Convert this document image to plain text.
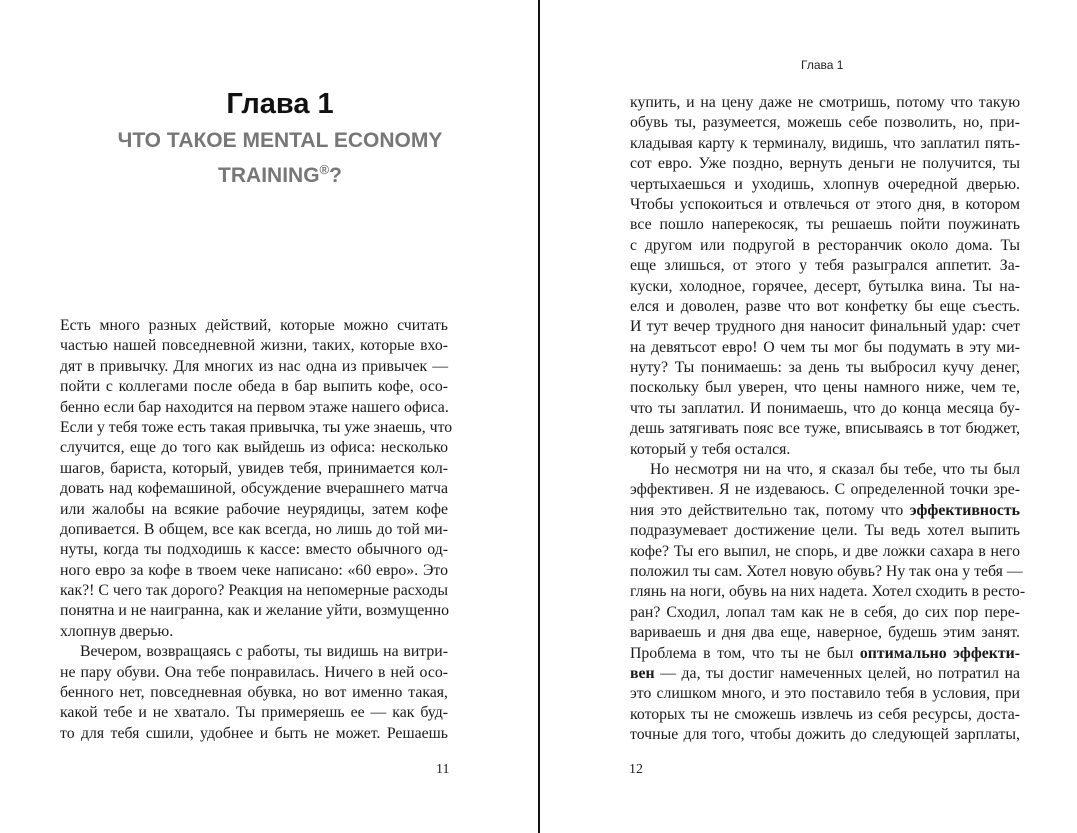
Глава 1
ЧТО ТАКОЕ MENTAL ECONOMY
TRAINING®?
Есть много разных действий, которые можно считать
частью нашей повседневной жизни, таких, которые вхо-
дят в привычку. Для многих из нас одна из привычек —
пойти с коллегами после обеда в бар выпить кофе, осо-
бенно если бар находится на первом этаже нашего офиса.
Если у тебя тоже есть такая привычка, ты уже знаешь, что
случится, еще до того как выйдешь из офиса: несколько
шагов, бариста, который, увидев тебя, принимается кол-
довать над кофемашиной, обсуждение вчерашнего матча
или жалобы на всякие рабочие неурядицы, затем кофе
допивается. В общем, все как всегда, но лишь до той ми-
нуты, когда ты подходишь к кассе: вместо обычного од-
ного евро за кофе в твоем чеке написано: «60 евро». Это
как?! С чего так дорого? Реакция на непомерные расходы
понятна и не наигранна, как и желание уйти, возмущенно
хлопнув дверью.
Вечером, возвращаясь с работы, ты видишь на витри-
не пару обуви. Она тебе понравилась. Ничего в ней осо-
бенного нет, повседневная обувка, но вот именно такая,
какой тебе и не хватало. Ты примеряешь ее — как буд-
то для тебя сшили, удобнее и быть не может. Решаешь
11
Глава 1
купить, и на цену даже не смотришь, потому что такую
обувь ты, разумеется, можешь себе позволить, но, при-
кладывая карту к терминалу, видишь, что заплатил пять-
сот евро. Уже поздно, вернуть деньги не получится, ты
чертыхаешься и уходишь, хлопнув очередной дверью.
Чтобы успокоиться и отвлечься от этого дня, в котором
все пошло наперекосяк, ты решаешь пойти поужинать
с другом или подругой в ресторанчик около дома. Ты
еще злишься, от этого у тебя разыгрался аппетит. За-
куски, холодное, горячее, десерт, бутылка вина. Ты на-
елся и доволен, разве что вот конфетку бы еще съесть.
И тут вечер трудного дня наносит финальный удар: счет
на девятьсот евро! О чем ты мог бы подумать в эту ми-
нуту? Ты понимаешь: за день ты выбросил кучу денег,
поскольку был уверен, что цены намного ниже, чем те,
что ты заплатил. И понимаешь, что до конца месяца бу-
дешь затягивать пояс все туже, вписываясь в тот бюджет,
который у тебя остался.
Но несмотря ни на что, я сказал бы тебе, что ты был
эффективен. Я не издеваюсь. С определенной точки зре-
ния это действительно так, потому что эффективность
подразумевает достижение цели. Ты ведь хотел выпить
кофе? Ты его выпил, не спорь, и две ложки сахара в него
положил ты сам. Хотел новую обувь? Ну так она у тебя —
глянь на ноги, обувь на них надета. Хотел сходить в ресто-
ран? Сходил, лопал там как не в себя, до сих пор пере-
вариваешь и дня два еще, наверное, будешь этим занят.
Проблема в том, что ты не был оптимально эффекти-
вен — да, ты достиг намеченных целей, но потратил на
это слишком много, и это поставило тебя в условия, при
которых ты не сможешь извлечь из себя ресурсы, доста-
точные для того, чтобы дожить до следующей зарплаты,
12
